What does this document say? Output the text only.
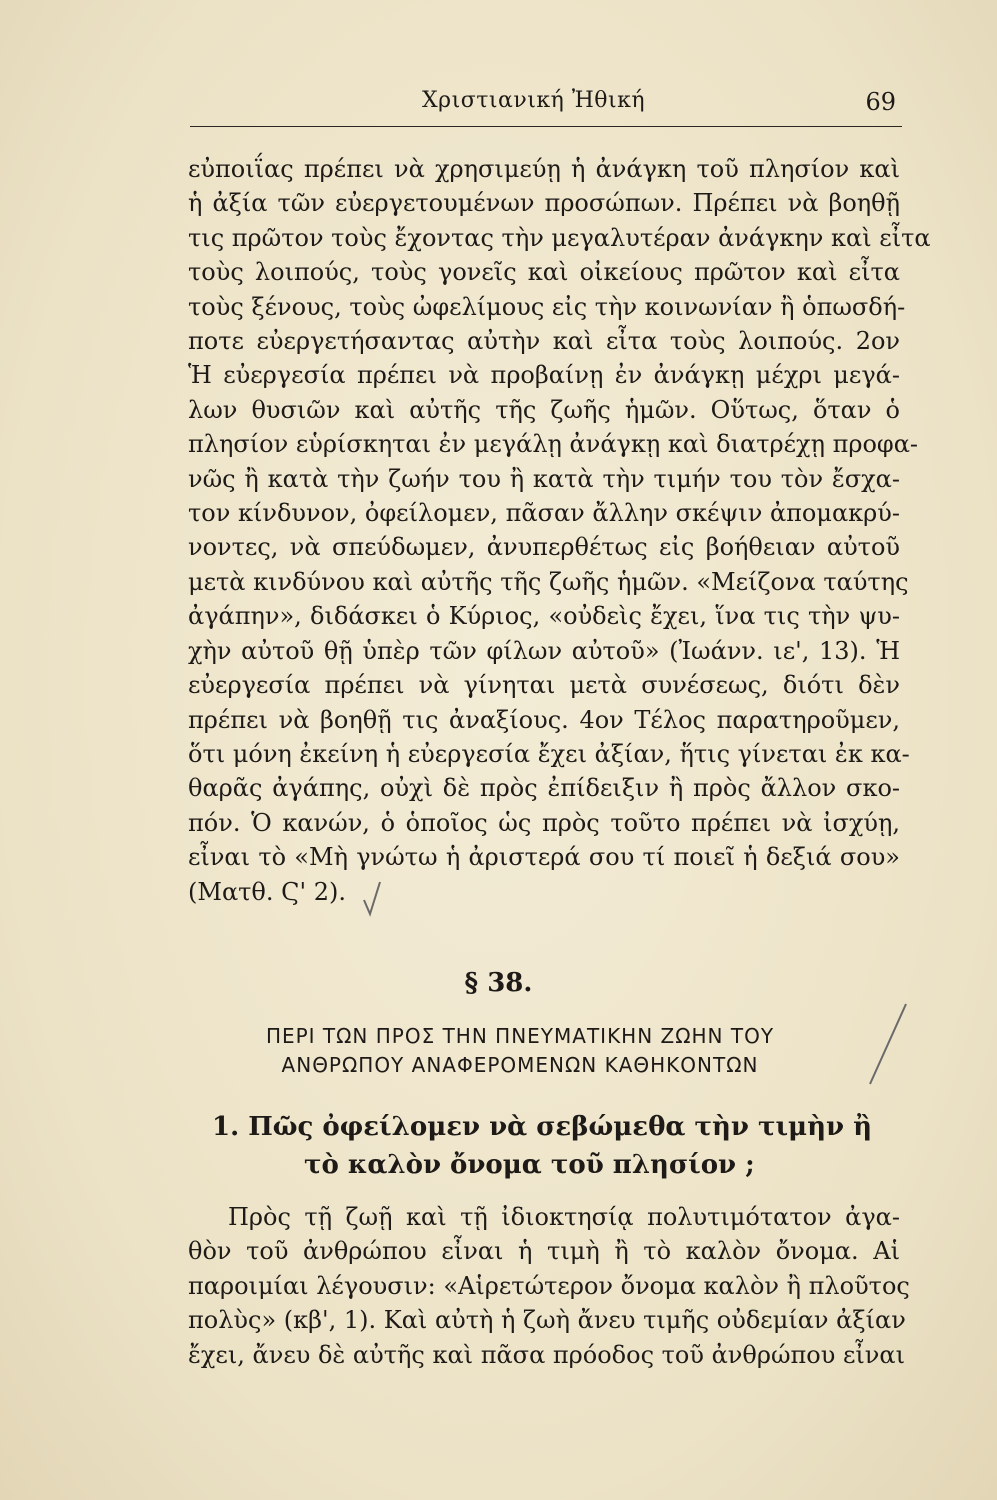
Χριστιανική Ἠθική	69
εὐποιΐας πρέπει νὰ χρησιμεύῃ ἡ ἀνάγκη τοῦ πλησίον καὶ
ἡ ἀξία τῶν εὐεργετουμένων προσώπων. Πρέπει νὰ βοηθῇ
τις πρῶτον τοὺς ἔχοντας τὴν μεγαλυτέραν ἀνάγκην καὶ εἶτα
τοὺς λοιπούς, τοὺς γονεῖς καὶ οἰκείους πρῶτον καὶ εἶτα
τοὺς ξένους, τοὺς ὠφελίμους εἰς τὴν κοινωνίαν ἢ ὁπωσδή-
ποτε εὐεργετήσαντας αὐτὴν καὶ εἶτα τοὺς λοιπούς. 2ον
Ἡ εὐεργεσία πρέπει νὰ προβαίνῃ ἐν ἀνάγκῃ μέχρι μεγά-
λων θυσιῶν καὶ αὐτῆς τῆς ζωῆς ἡμῶν. Οὕτως, ὅταν ὁ
πλησίον εὑρίσκηται ἐν μεγάλῃ ἀνάγκῃ καὶ διατρέχῃ προφα-
νῶς ἢ κατὰ τὴν ζωήν του ἢ κατὰ τὴν τιμήν του τὸν ἔσχα-
τον κίνδυνον, ὀφείλομεν, πᾶσαν ἄλλην σκέψιν ἀπομακρύ-
νοντες, νὰ σπεύδωμεν, ἀνυπερθέτως εἰς βοήθειαν αὐτοῦ
μετὰ κινδύνου καὶ αὐτῆς τῆς ζωῆς ἡμῶν. «Μείζονα ταύτης
ἀγάπην», διδάσκει ὁ Κύριος, «οὐδεὶς ἔχει, ἵνα τις τὴν ψυ-
χὴν αὐτοῦ θῇ ὑπὲρ τῶν φίλων αὐτοῦ» (Ἰωάνν. ιε', 13). Ἡ
εὐεργεσία πρέπει νὰ γίνηται μετὰ συνέσεως, διότι δὲν
πρέπει νὰ βοηθῇ τις ἀναξίους. 4ον Τέλος παρατηροῦμεν,
ὅτι μόνη ἐκείνη ἡ εὐεργεσία ἔχει ἀξίαν, ἥτις γίνεται ἐκ κα-
θαρᾶς ἀγάπης, οὐχὶ δὲ πρὸς ἐπίδειξιν ἢ πρὸς ἄλλον σκο-
πόν. Ὁ κανών, ὁ ὁποῖος ὡς πρὸς τοῦτο πρέπει νὰ ἰσχύῃ,
εἶναι τὸ «Μὴ γνώτω ἡ ἀριστερά σου τί ποιεῖ ἡ δεξιά σου»
(Ματθ. Ϛ' 2).
§ 38.
ΠΕΡΙ ΤΩΝ ΠΡΟΣ ΤΗΝ ΠΝΕΥΜΑΤΙΚΗΝ ΖΩΗΝ ΤΟΥ
ΑΝΘΡΩΠΟΥ ΑΝΑΦΕΡΟΜΕΝΩΝ ΚΑΘΗΚΟΝΤΩΝ
1. Πῶς ὀφείλομεν νὰ σεβώμεθα τὴν τιμὴν ἢ
τὸ καλὸν ὄνομα τοῦ πλησίον ;
Πρὸς τῇ ζωῇ καὶ τῇ ἰδιοκτησίᾳ πολυτιμότατον ἀγα-
θὸν τοῦ ἀνθρώπου εἶναι ἡ τιμὴ ἢ τὸ καλὸν ὄνομα. Αἱ
παροιμίαι λέγουσιν: «Αἱρετώτερον ὄνομα καλὸν ἢ πλοῦτος
πολὺς» (κβ', 1). Καὶ αὐτὴ ἡ ζωὴ ἄνευ τιμῆς οὐδεμίαν ἀξίαν
ἔχει, ἄνευ δὲ αὐτῆς καὶ πᾶσα πρόοδος τοῦ ἀνθρώπου εἶναι
